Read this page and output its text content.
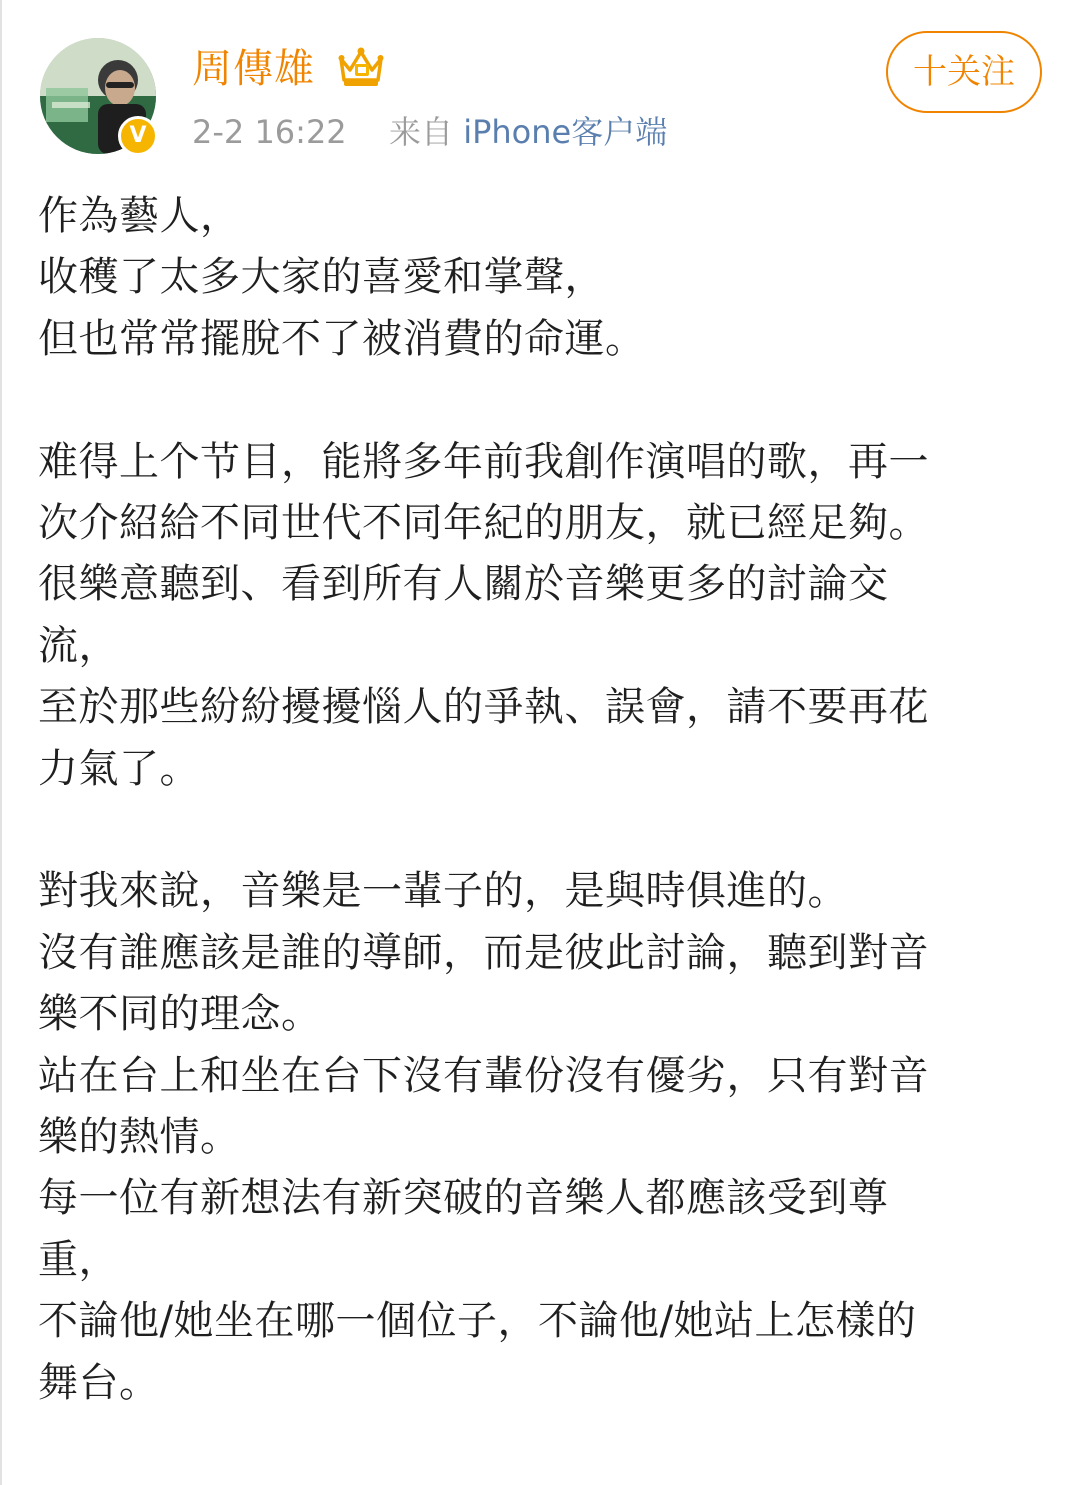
V
周傳雄
2-2 16:22 来自 iPhone客户端
十关注
作為藝人，
收穫了太多大家的喜愛和掌聲，
但也常常擺脫不了被消費的命運。
难得上个节目，能將多年前我創作演唱的歌，再一
次介紹給不同世代不同年紀的朋友，就已經足夠。
很樂意聽到、看到所有人關於音樂更多的討論交
流，
至於那些紛紛擾擾惱人的爭執、誤會，請不要再花
力氣了。
對我來說，音樂是一輩子的，是與時俱進的。
沒有誰應該是誰的導師，而是彼此討論，聽到對音
樂不同的理念。
站在台上和坐在台下沒有輩份沒有優劣，只有對音
樂的熱情。
每一位有新想法有新突破的音樂人都應該受到尊
重，
不論他/她坐在哪一個位子，不論他/她站上怎樣的
舞台。
